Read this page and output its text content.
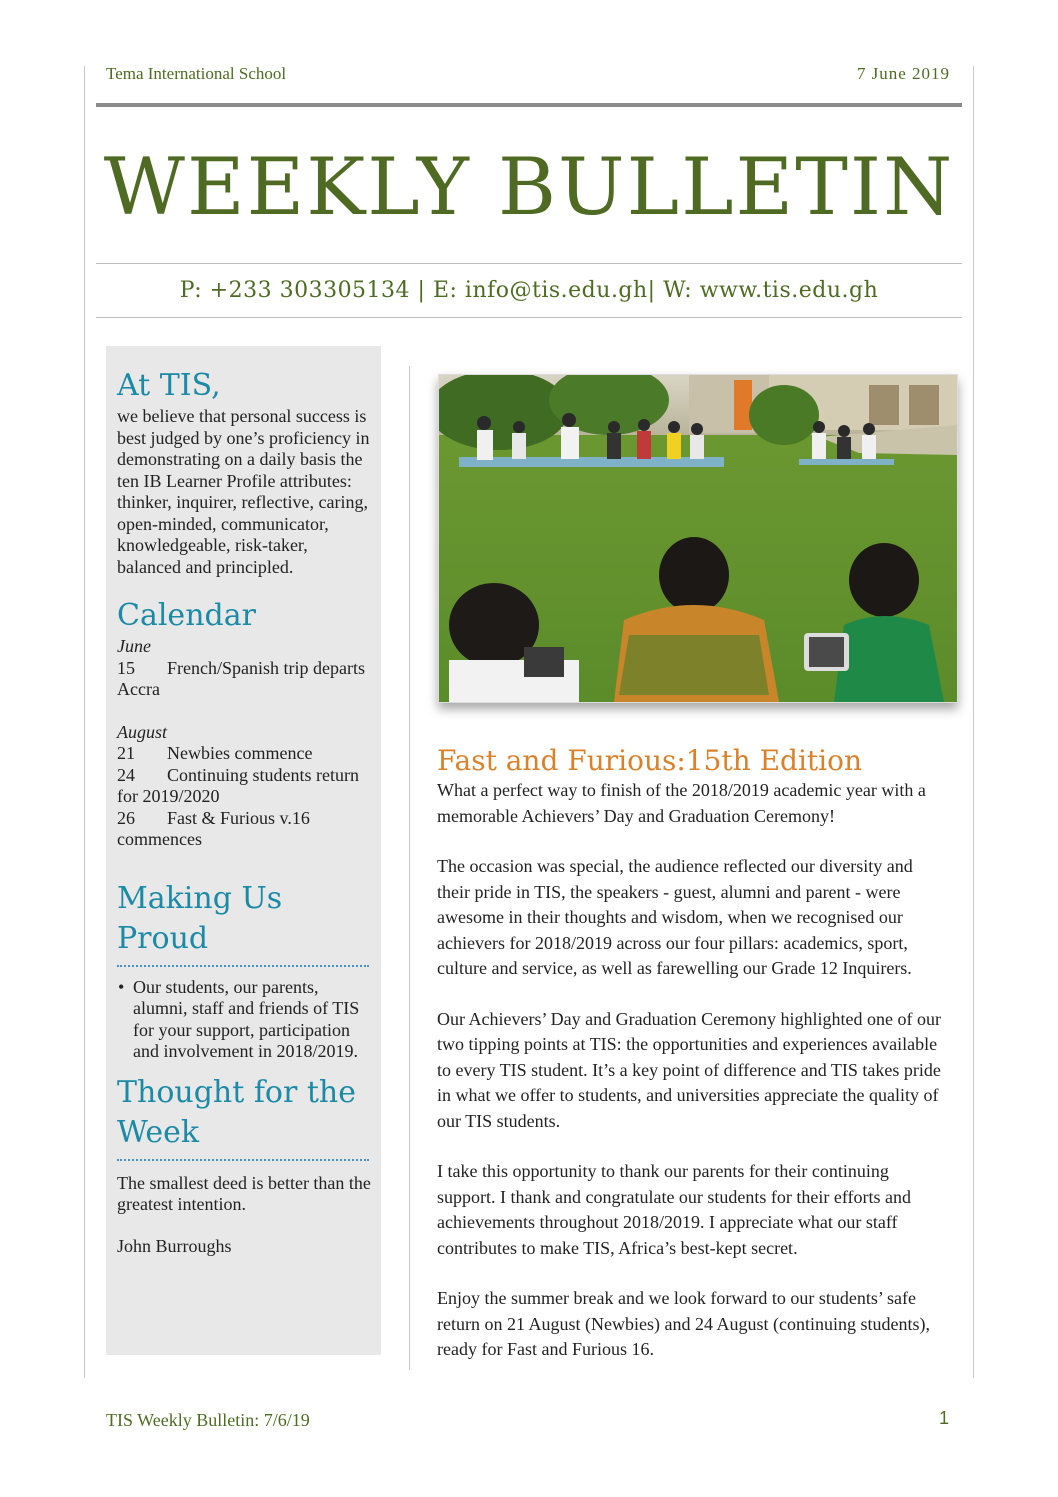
Tema International School	7 June 2019
WEEKLY BULLETIN
P: +233 303305134 | E: info@tis.edu.gh| W: www.tis.edu.gh
At TIS,
we believe that personal success is best judged by one’s proficiency in demonstrating on a daily basis the ten IB Learner Profile attributes: thinker, inquirer, reflective, caring, open-minded, communicator, knowledgeable, risk-taker, balanced and principled.
Calendar
June
15 French/Spanish trip departs Accra
August
21 Newbies commence
24 Continuing students return for 2019/2020
26 Fast & Furious v.16 commences
Making Us Proud
• Our students, our parents, alumni, staff and friends of TIS for your support, participation and involvement in 2018/2019.
Thought for the Week
The smallest deed is better than the greatest intention.
John Burroughs
Fast and Furious:15th Edition

What a perfect way to finish of the 2018/2019 academic year with a memorable Achievers’ Day and Graduation Ceremony!

The occasion was special, the audience reflected our diversity and their pride in TIS, the speakers - guest, alumni and parent - were awesome in their thoughts and wisdom, when we recognised our achievers for 2018/2019 across our four pillars: academics, sport, culture and service, as well as farewelling our Grade 12 Inquirers.

Our Achievers’ Day and Graduation Ceremony highlighted one of our two tipping points at TIS: the opportunities and experiences available to every TIS student. It’s a key point of difference and TIS takes pride in what we offer to students, and universities appreciate the quality of our TIS students.

I take this opportunity to thank our parents for their continuing support. I thank and congratulate our students for their efforts and achievements throughout 2018/2019. I appreciate what our staff contributes to make TIS, Africa’s best-kept secret.

Enjoy the summer break and we look forward to our students’ safe return on 21 August (Newbies) and 24 August (continuing students), ready for Fast and Furious 16.

TIS Weekly Bulletin: 7/6/19	1
